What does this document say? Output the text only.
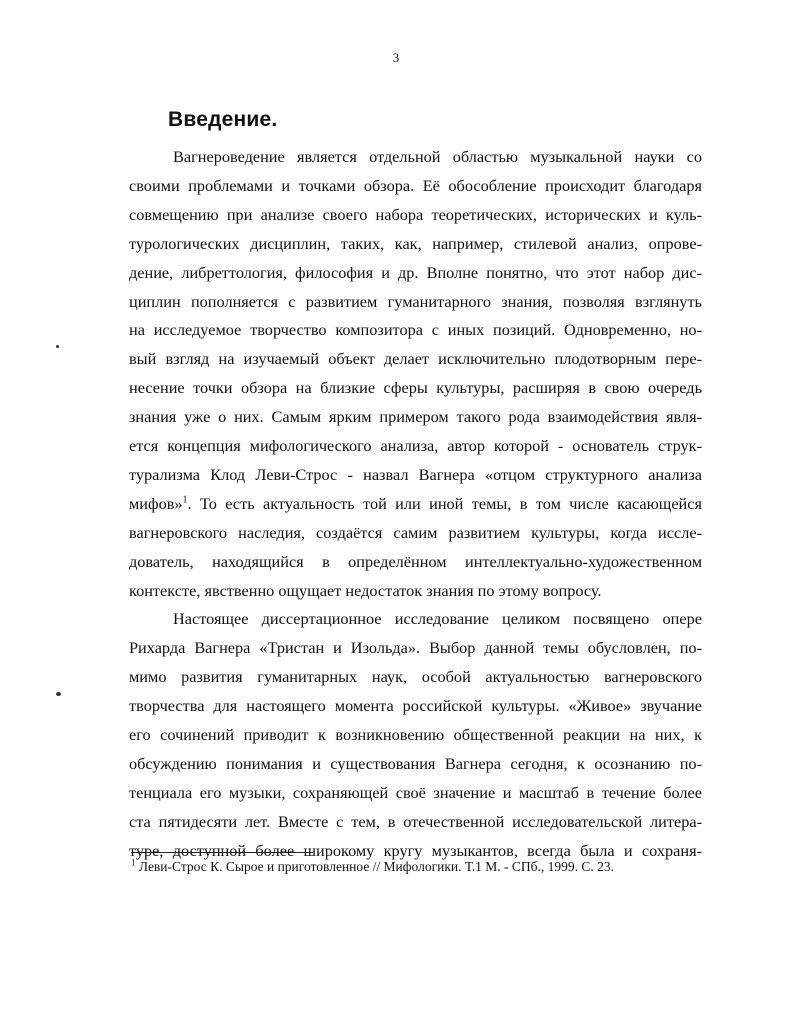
3
Введение.
Вагнероведение является отдельной областью музыкальной науки со
своими проблемами и точками обзора. Её обособление происходит благодаря
совмещению при анализе своего набора теоретических, исторических и куль-
турологических дисциплин, таких, как, например, стилевой анализ, опрове-
дение, либреттология, философия и др. Вполне понятно, что этот набор дис-
циплин пополняется с развитием гуманитарного знания, позволяя взглянуть
на исследуемое творчество композитора с иных позиций. Одновременно, но-
вый взгляд на изучаемый объект делает исключительно плодотворным пере-
несение точки обзора на близкие сферы культуры, расширяя в свою очередь
знания уже о них. Самым ярким примером такого рода взаимодействия явля-
ется концепция мифологического анализа, автор которой - основатель струк-
турализма Клод Леви-Строс - назвал Вагнера «отцом структурного анализа
мифов»$^1$. То есть актуальность той или иной темы, в том числе касающейся
вагнеровского наследия, создаётся самим развитием культуры, когда иссле-
дователь, находящийся в определённом интеллектуально-художественном
контексте, явственно ощущает недостаток знания по этому вопросу.
Настоящее диссертационное исследование целиком посвящено опере
Рихарда Вагнера «Тристан и Изольда». Выбор данной темы обусловлен, по-
мимо развития гуманитарных наук, особой актуальностью вагнеровского
творчества для настоящего момента российской культуры. «Живое» звучание
его сочинений приводит к возникновению общественной реакции на них, к
обсуждению понимания и существования Вагнера сегодня, к осознанию по-
тенциала его музыки, сохраняющей своё значение и масштаб в течение более
ста пятидесяти лет. Вместе с тем, в отечественной исследовательской литера-
туре, доступной более широкому кругу музыкантов, всегда была и сохраня-
$^1$ Леви-Строс К. Сырое и приготовленное // Мифологики. Т.1 М. - СПб., 1999. С. 23.
